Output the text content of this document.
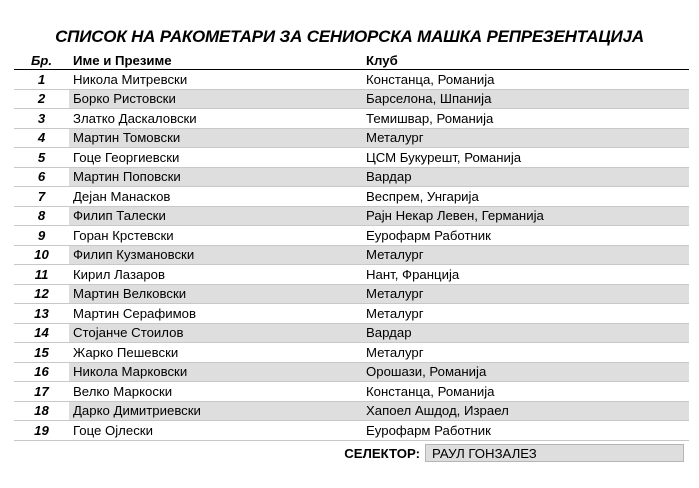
СПИСОК НА РАКОМЕТАРИ ЗА СЕНИОРСКА МАШКА РЕПРЕЗЕНТАЦИЈА
Бр.	Име и Презиме	Клуб
1	Никола Митревски	Констанца, Романија
2	Борко Ристовски	Барселона, Шпанија
3	Златко Даскаловски	Темишвар, Романија
4	Мартин Томовски	Металург
5	Гоце Георгиевски	ЦСМ Букурешт, Романија
6	Мартин Поповски	Вардар
7	Дејан Манасков	Веспрем, Унгарија
8	Филип Талески	Рајн Некар Левен, Германија
9	Горан Крстевски	Еурофарм Работник
10	Филип Кузмановски	Металург
11	Кирил Лазаров	Нант, Франција
12	Мартин Велковски	Металург
13	Мартин Серафимов	Металург
14	Стојанче Стоилов	Вардар
15	Жарко Пешевски	Металург
16	Никола Марковски	Орошази, Романија
17	Велко Маркоски	Констанца, Романија
18	Дарко Димитриевски	Хапоел Ашдод, Израел
19	Гоце Ојлески	Еурофарм Работник
СЕЛЕКТОР: РАУЛ ГОНЗАЛЕЗ
